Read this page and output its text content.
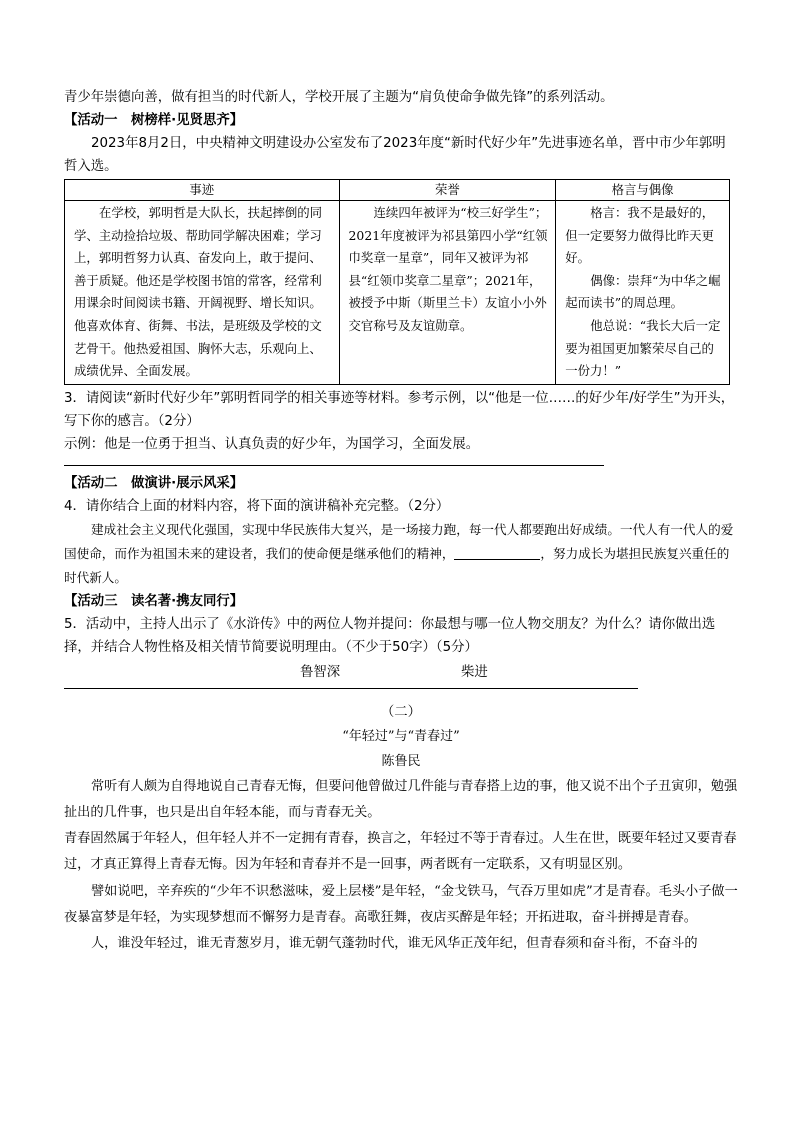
青少年崇德向善，做有担当的时代新人，学校开展了主题为“肩负使命争做先锋”的系列活动。

【活动一　树榜样·见贤思齐】

2023年8月2日，中央精神文明建设办公室发布了2023年度“新时代好少年”先进事迹名单，晋中市少年郭明哲入选。

事迹	荣誉	格言与偶像

在学校，郭明哲是大队长，扶起摔倒的同学、主动捡拾垃圾、帮助同学解决困难；学习上，郭明哲努力认真、奋发向上，敢于提问、善于质疑。他还是学校图书馆的常客，经常利用课余时间阅读书籍、开阔视野、增长知识。他喜欢体育、街舞、书法，是班级及学校的文艺骨干。他热爱祖国、胸怀大志，乐观向上、成绩优异、全面发展。	连续四年被评为“校三好学生”；2021年度被评为祁县第四小学“红领巾奖章一星章”，同年又被评为祁县“红领巾奖章二星章”；2021年，被授予中斯（斯里兰卡）友谊小小外交官称号及友谊勋章。	格言：我不是最好的，但一定要努力做得比昨天更好。

偶像：崇拜“为中华之崛起而读书”的周总理。

他总说：“我长大后一定要为祖国更加繁荣尽自己的一份力！”

3．请阅读“新时代好少年”郭明哲同学的相关事迹等材料。参考示例，以“他是一位……的好少年/好学生”为开头，写下你的感言。（2分）

示例：他是一位勇于担当、认真负责的好少年，为国学习，全面发展。

【活动二　做演讲·展示风采】

4．请你结合上面的材料内容，将下面的演讲稿补充完整。（2分）

建成社会主义现代化强国，实现中华民族伟大复兴，是一场接力跑，每一代人都要跑出好成绩。一代人有一代人的爱国使命，而作为祖国未来的建设者，我们的使命便是继承他们的精神，	，努力成长为堪担民族复兴重任的时代新人。

【活动三　读名著·携友同行】

5．活动中，主持人出示了《水浒传》中的两位人物并提问：你最想与哪一位人物交朋友？为什么？请你做出选择，并结合人物性格及相关情节简要说明理由。（不少于50字）（5分）

鲁智深	柴进

（二）

“年轻过”与“青春过”

陈鲁民

常听有人颇为自得地说自己青春无悔，但要问他曾做过几件能与青春搭上边的事，他又说不出个子丑寅卯，勉强扯出的几件事，也只是出自年轻本能，而与青春无关。

青春固然属于年轻人，但年轻人并不一定拥有青春，换言之，年轻过不等于青春过。人生在世，既要年轻过又要青春过，才真正算得上青春无悔。因为年轻和青春并不是一回事，两者既有一定联系，又有明显区别。

譬如说吧，辛弃疾的“少年不识愁滋味，爱上层楼”是年轻，“金戈铁马，气吞万里如虎”才是青春。毛头小子做一夜暴富梦是年轻，为实现梦想而不懈努力是青春。高歌狂舞，夜店买醉是年轻；开拓进取，奋斗拼搏是青春。

人，谁没年轻过，谁无青葱岁月，谁无朝气蓬勃时代，谁无风华正茂年纪，但青春须和奋斗衔，不奋斗的
